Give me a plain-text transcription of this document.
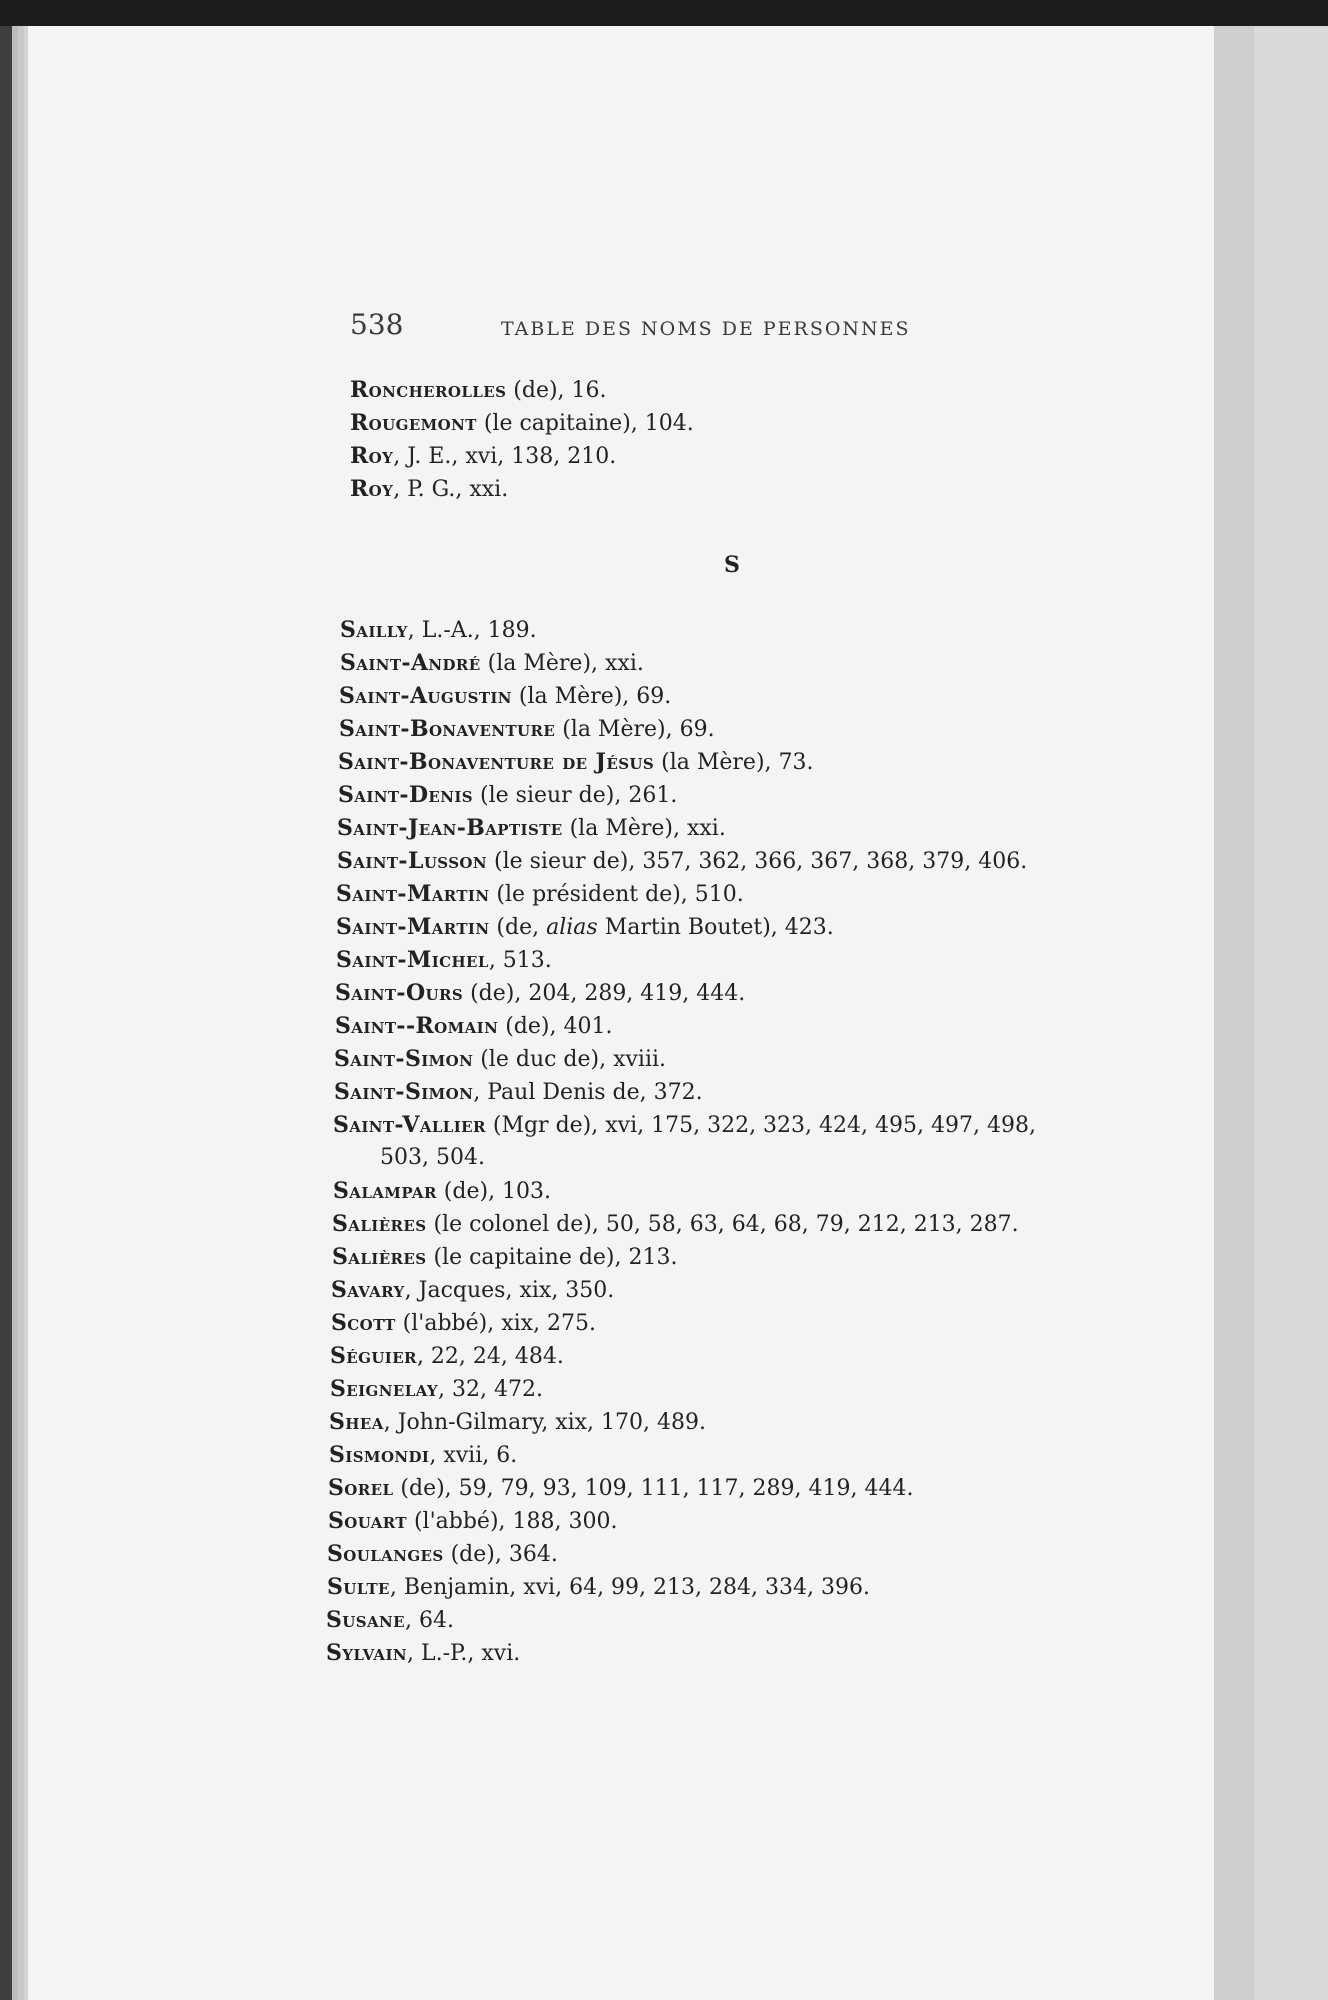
538	TABLE DES NOMS DE PERSONNES
Roncherolles (de), 16.
Rougemont (le capitaine), 104.
Roy, J. E., xvi, 138, 210.
Roy, P. G., xxi.
S
Sailly, L.-A., 189.
Saint-André (la Mère), xxi.
Saint-Augustin (la Mère), 69.
Saint-Bonaventure (la Mère), 69.
Saint-Bonaventure de Jésus (la Mère), 73.
Saint-Denis (le sieur de), 261.
Saint-Jean-Baptiste (la Mère), xxi.
Saint-Lusson (le sieur de), 357, 362, 366, 367, 368, 379, 406.
Saint-Martin (le président de), 510.
Saint-Martin (de, alias Martin Boutet), 423.
Saint-Michel, 513.
Saint-Ours (de), 204, 289, 419, 444.
Saint--Romain (de), 401.
Saint-Simon (le duc de), xviii.
Saint-Simon, Paul Denis de, 372.
Saint-Vallier (Mgr de), xvi, 175, 322, 323, 424, 495, 497, 498,
503, 504.
Salampar (de), 103.
Salières (le colonel de), 50, 58, 63, 64, 68, 79, 212, 213, 287.
Salières (le capitaine de), 213.
Savary, Jacques, xix, 350.
Scott (l'abbé), xix, 275.
Séguier, 22, 24, 484.
Seignelay, 32, 472.
Shea, John-Gilmary, xix, 170, 489.
Sismondi, xvii, 6.
Sorel (de), 59, 79, 93, 109, 111, 117, 289, 419, 444.
Souart (l'abbé), 188, 300.
Soulanges (de), 364.
Sulte, Benjamin, xvi, 64, 99, 213, 284, 334, 396.
Susane, 64.
Sylvain, L.-P., xvi.
